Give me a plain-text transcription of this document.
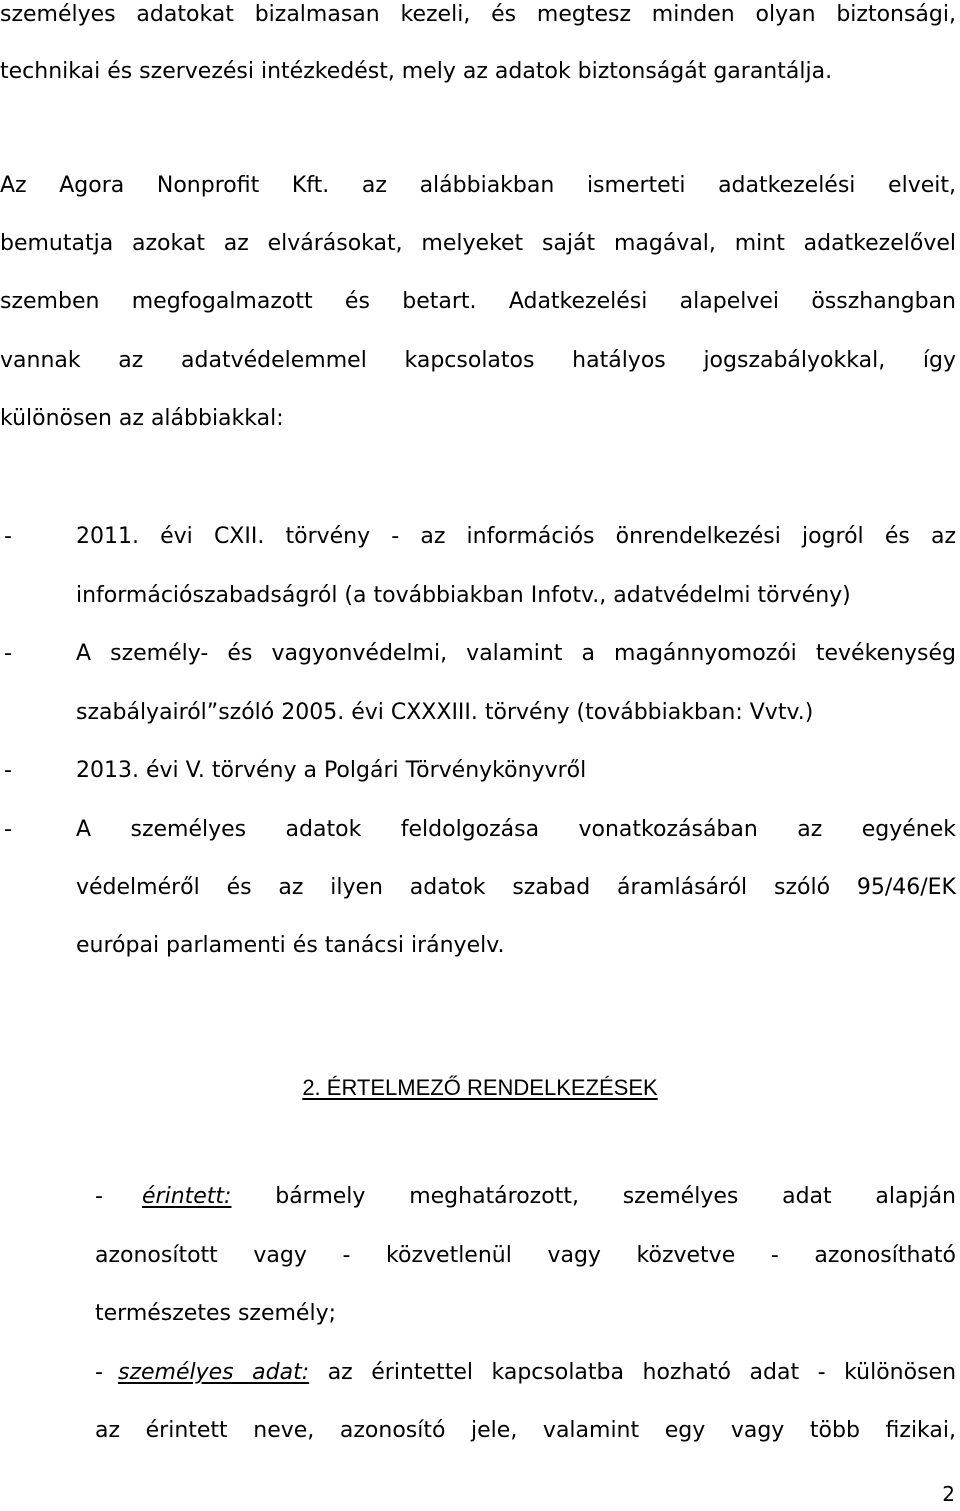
személyes adatokat bizalmasan kezeli, és megtesz minden olyan biztonsági,
technikai és szervezési intézkedést, mely az adatok biztonságát garantálja.
Az Agora Nonprofit Kft. az alábbiakban ismerteti adatkezelési elveit,
bemutatja azokat az elvárásokat, melyeket saját magával, mint adatkezelővel
szemben megfogalmazott és betart. Adatkezelési alapelvei összhangban
vannak az adatvédelemmel kapcsolatos hatályos jogszabályokkal, így
különösen az alábbiakkal:
-	2011. évi CXII. törvény - az információs önrendelkezési jogról és az
információszabadságról (a továbbiakban Infotv., adatvédelmi törvény)
-	A személy- és vagyonvédelmi, valamint a magánnyomozói tevékenység
szabályairól”szóló 2005. évi CXXXIII. törvény (továbbiakban: Vvtv.)
-	2013. évi V. törvény a Polgári Törvénykönyvről
-	A személyes adatok feldolgozása vonatkozásában az egyének
védelméről és az ilyen adatok szabad áramlásáról szóló 95/46/EK
európai parlamenti és tanácsi irányelv.
2. ÉRTELMEZŐ RENDELKEZÉSEK
- érintett: bármely meghatározott, személyes adat alapján
azonosított vagy - közvetlenül vagy közvetve - azonosítható
természetes személy;
- személyes adat: az érintettel kapcsolatba hozható adat - különösen
az érintett neve, azonosító jele, valamint egy vagy több fizikai,
2
